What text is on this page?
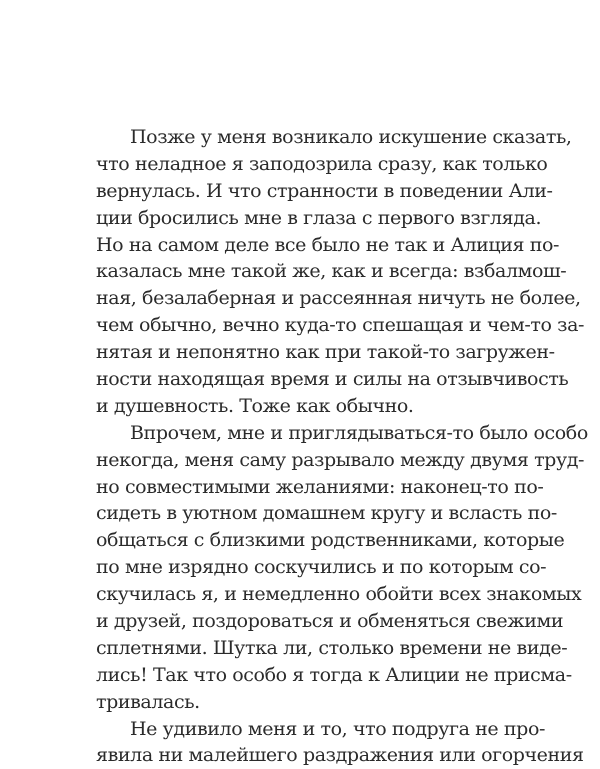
Позже у меня возникало искушение сказать,
что неладное я заподозрила сразу, как только
вернулась. И что странности в поведении Али-
ции бросились мне в глаза с первого взгляда.
Но на самом деле все было не так и Алиция по-
казалась мне такой же, как и всегда: взбалмош-
ная, безалаберная и рассеянная ничуть не более,
чем обычно, вечно куда-то спешащая и чем-то за-
нятая и непонятно как при такой-то загружен-
ности находящая время и силы на отзывчивость
и душевность. Тоже как обычно.
Впрочем, мне и приглядываться-то было особо
некогда, меня саму разрывало между двумя труд-
но совместимыми желаниями: наконец-то по-
сидеть в уютном домашнем кругу и всласть по-
общаться с близкими родственниками, которые
по мне изрядно соскучились и по которым со-
скучилась я, и немедленно обойти всех знакомых
и друзей, поздороваться и обменяться свежими
сплетнями. Шутка ли, столько времени не виде-
лись! Так что особо я тогда к Алиции не присма-
тривалась.
Не удивило меня и то, что подруга не про-
явила ни малейшего раздражения или огорчения
